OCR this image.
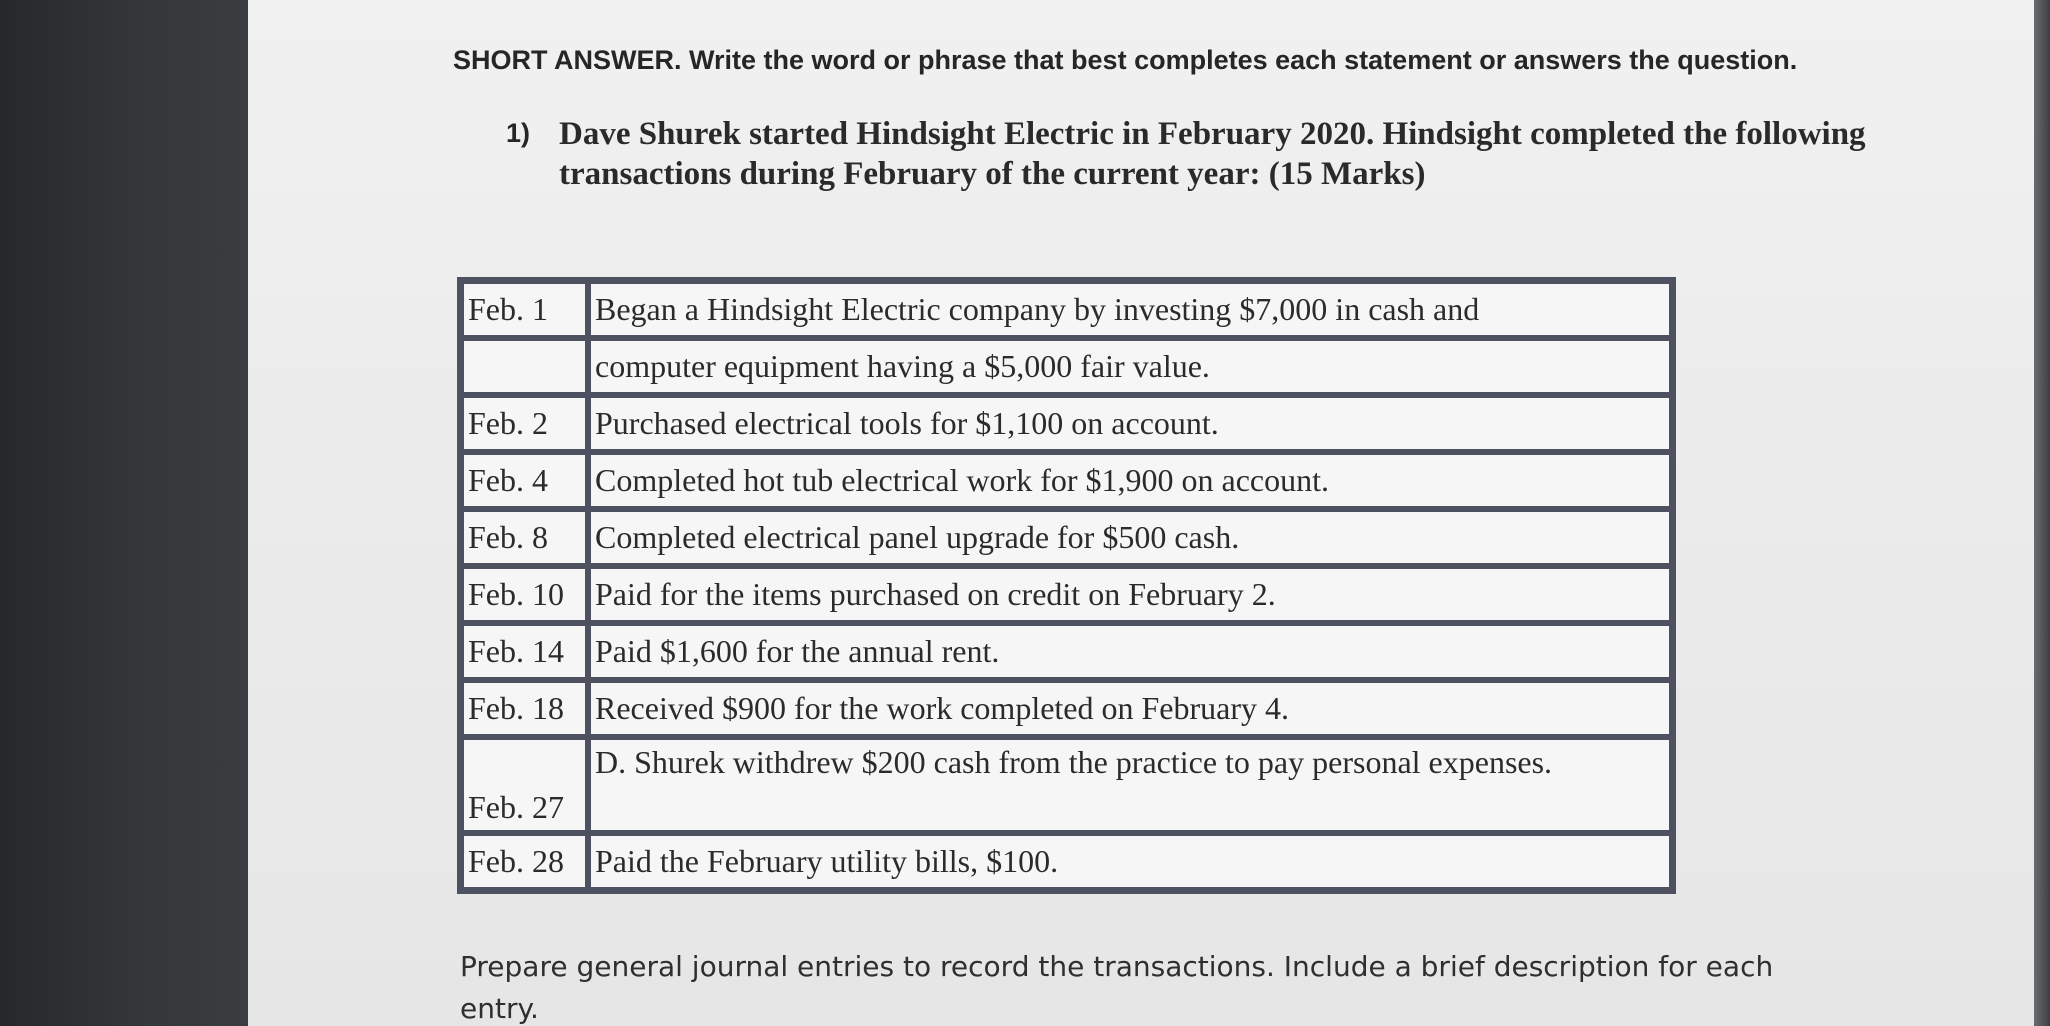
SHORT ANSWER. Write the word or phrase that best completes each statement or answers the question.
1) Dave Shurek started Hindsight Electric in February 2020. Hindsight completed the following transactions during February of the current year: (15 Marks)
Feb. 1	Began a Hindsight Electric company by investing $7,000 in cash and
	computer equipment having a $5,000 fair value.
Feb. 2	Purchased electrical tools for $1,100 on account.
Feb. 4	Completed hot tub electrical work for $1,900 on account.
Feb. 8	Completed electrical panel upgrade for $500 cash.
Feb. 10	Paid for the items purchased on credit on February 2.
Feb. 14	Paid $1,600 for the annual rent.
Feb. 18	Received $900 for the work completed on February 4.
Feb. 27	D. Shurek withdrew $200 cash from the practice to pay personal expenses.
Feb. 28	Paid the February utility bills, $100.
Prepare general journal entries to record the transactions. Include a brief description for each entry.
